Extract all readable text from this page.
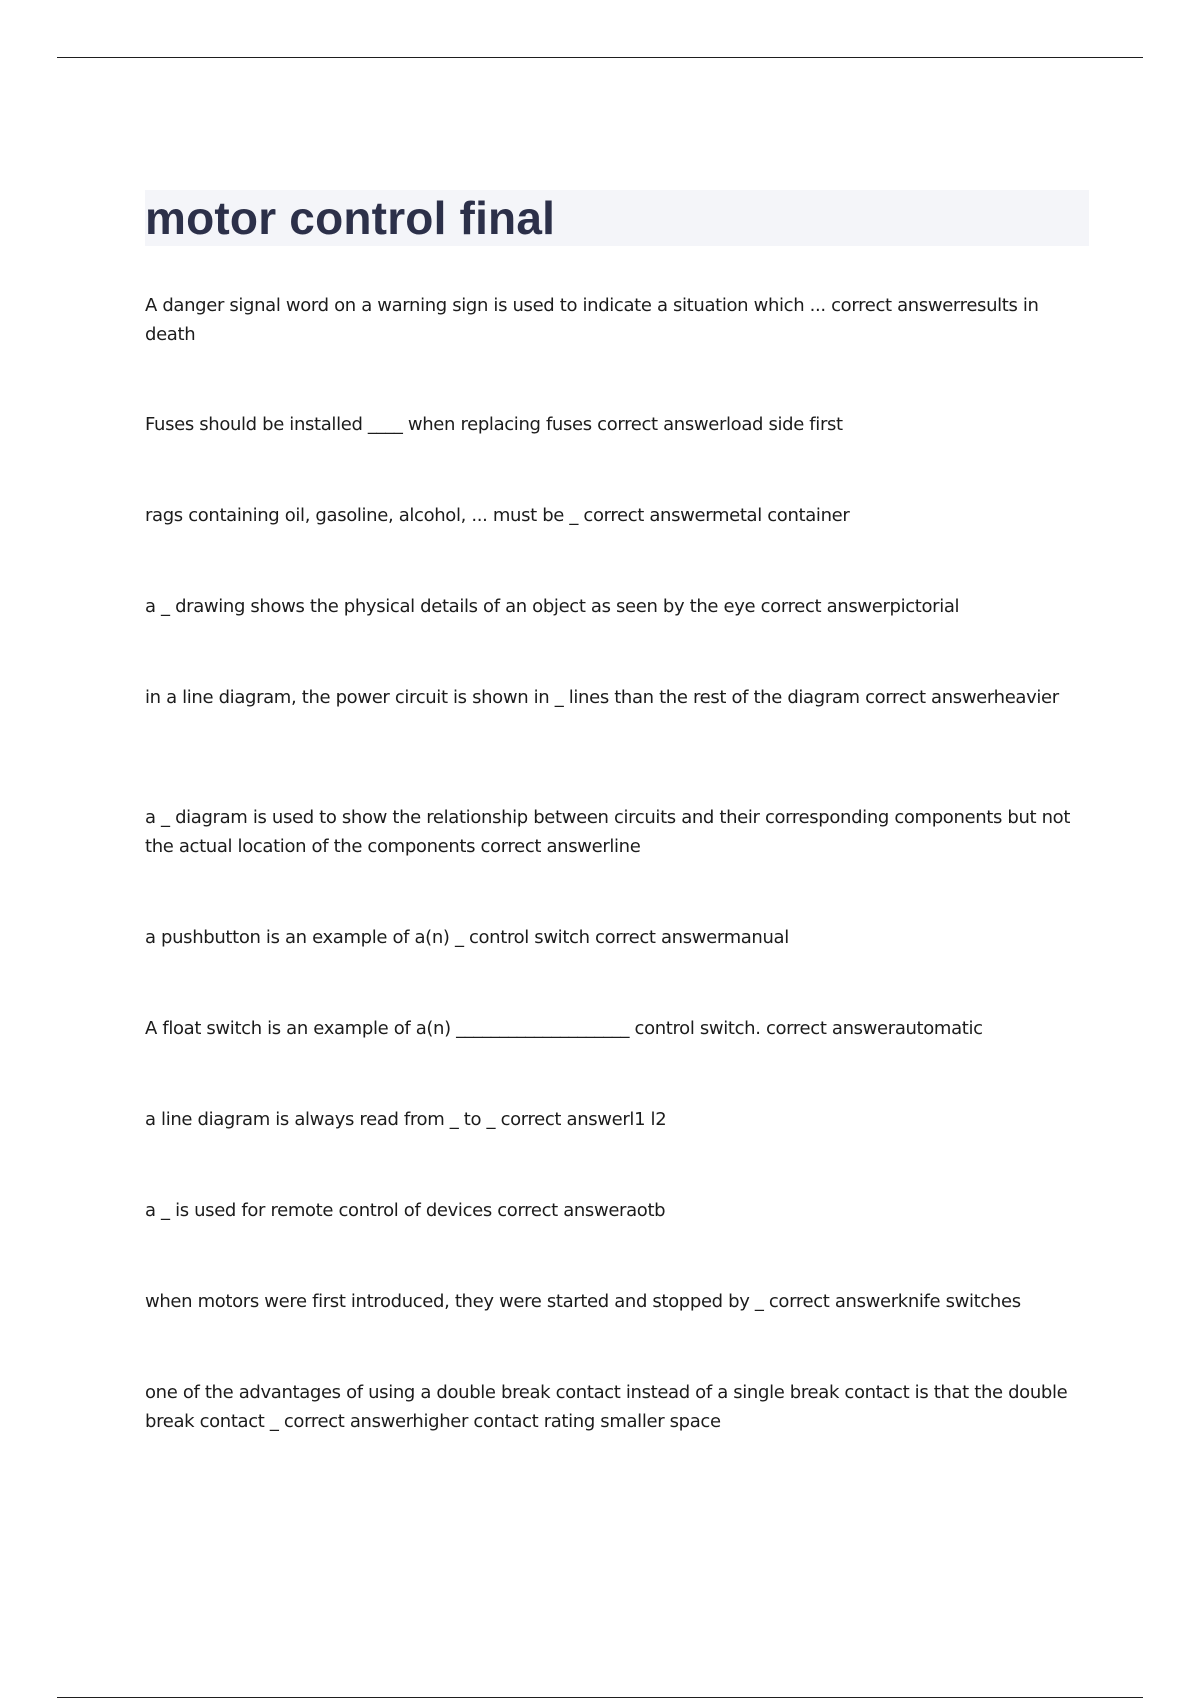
motor control final

A danger signal word on a warning sign is used to indicate a situation which ... correct answerresults in death

Fuses should be installed ____ when replacing fuses correct answerload side first

rags containing oil, gasoline, alcohol, ... must be _ correct answermetal container

a _ drawing shows the physical details of an object as seen by the eye correct answerpictorial

in a line diagram, the power circuit is shown in _ lines than the rest of the diagram correct answerheavier

a _ diagram is used to show the relationship between circuits and their corresponding components but not the actual location of the components correct answerline

a pushbutton is an example of a(n) _ control switch correct answermanual

A float switch is an example of a(n) ____________________ control switch. correct answerautomatic

a line diagram is always read from _ to _ correct answerl1 l2

a _ is used for remote control of devices correct answeraotb

when motors were first introduced, they were started and stopped by _ correct answerknife switches

one of the advantages of using a double break contact instead of a single break contact is that the double break contact _ correct answerhigher contact rating smaller space
